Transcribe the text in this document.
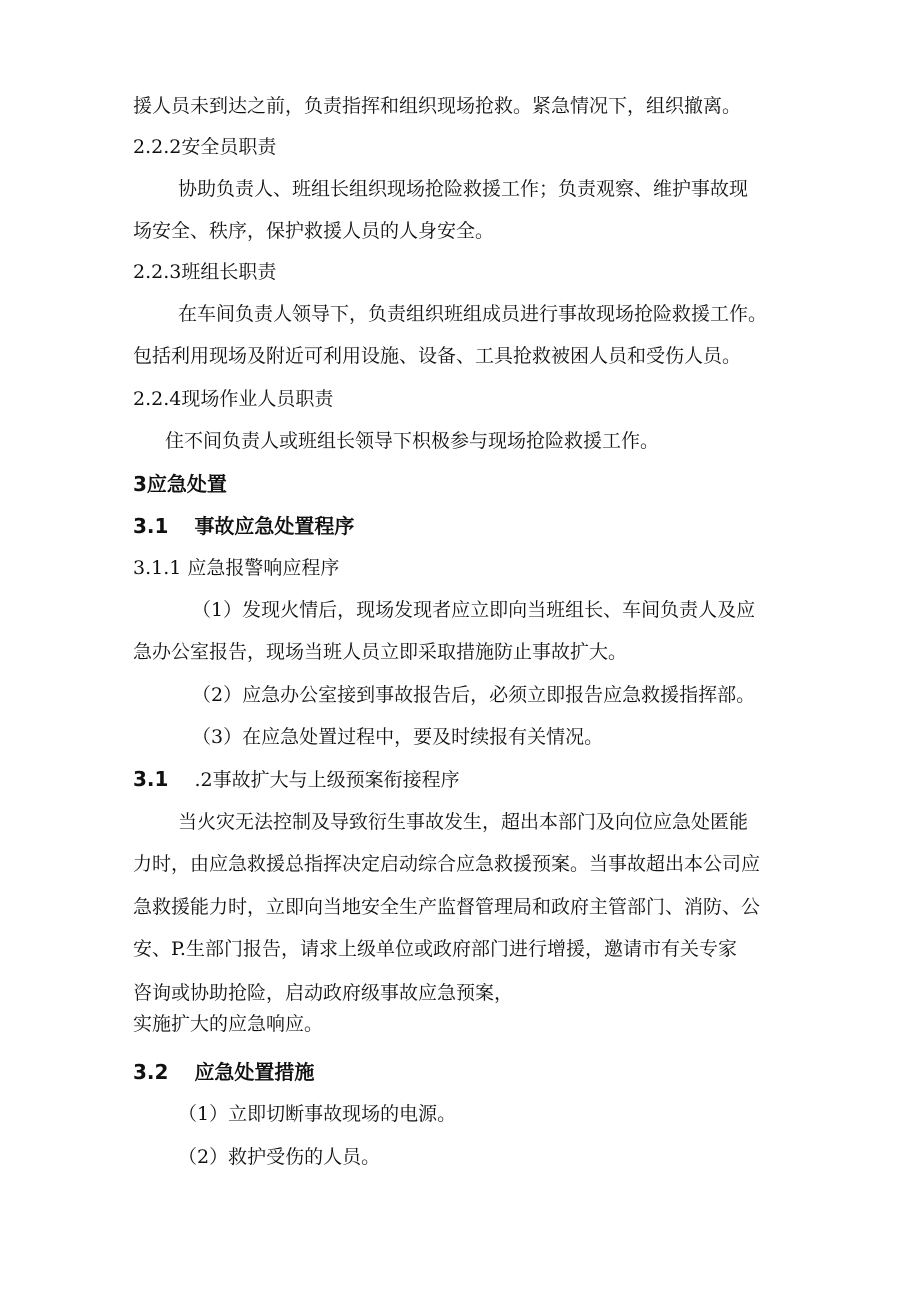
援人员未到达之前，负责指挥和组织现场抢救。紧急情况下，组织撤离。
2.2.2安全员职责
协助负责人、班组长组织现场抢险救援工作；负责观察、维护事故现
场安全、秩序，保护救援人员的人身安全。
2.2.3班组长职责
在车间负责人领导下，负责组织班组成员进行事故现场抢险救援工作。
包括利用现场及附近可利用设施、设备、工具抢救被困人员和受伤人员。
2.2.4现场作业人员职责
住不间负责人或班组长领导下枳极参与现场抢险救援工作。
3应急处置
3.1 事故应急处置程序
3.1.1 应急报警响应程序
（1）发现火情后，现场发现者应立即向当班组长、车间负责人及应
急办公室报告，现场当班人员立即采取措施防止事故扩大。
（2）应急办公室接到事故报告后，必须立即报告应急救援指挥部。
（3）在应急处置过程中，要及时续报有关情况。
3.1 .2事故扩大与上级预案衔接程序
当火灾无法控制及导致衍生事故发生，超出本部门及向位应急处匿能
力时，由应急救援总指挥决定启动综合应急救援预案。当事故超出本公司应
急救援能力时，立即向当地安全生产监督管理局和政府主管部门、消防、公
安、P.生部门报告，请求上级单位或政府部门进行增援，邀请市有关专家
咨询或协助抢险，启动政府级事故应急预案，
实施扩大的应急响应。
3.2 应急处置措施
（1）立即切断事故现场的电源。
（2）救护受伤的人员。
